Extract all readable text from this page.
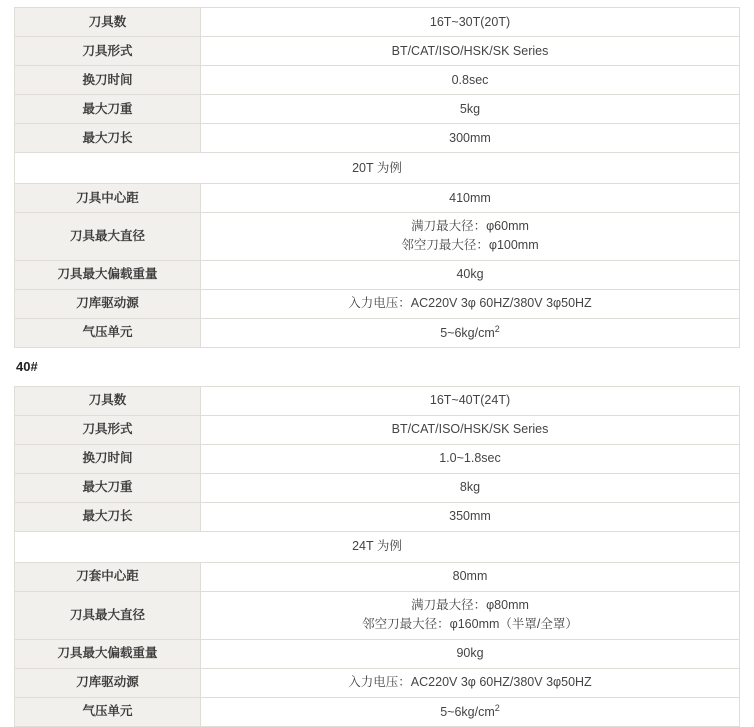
刀具数	16T~30T(20T)
刀具形式	BT/CAT/ISO/HSK/SK Series
换刀时间	0.8sec
最大刀重	5kg
最大刀长	300mm
20T 为例	
刀具中心距	410mm
刀具最大直径	满刀最大径：φ60mm
邻空刀最大径：φ100mm

刀具最大偏载重量	40kg
刀库驱动源	入力电压：AC220V 3φ 60HZ/380V 3φ50HZ
气压单元	$5\sim 6kg/cm^2$
40#
刀具数	16T~40T(24T)
刀具形式	BT/CAT/ISO/HSK/SK Series
换刀时间	1.0~1.8sec
最大刀重	8kg
最大刀长	350mm
24T 为例	
刀套中心距	80mm
刀具最大直径	满刀最大径：φ80mm
邻空刀最大径：φ160mm（半罩/全罩）

刀具最大偏载重量	90kg
刀库驱动源	入力电压：AC220V 3φ 60HZ/380V 3φ50HZ
气压单元	$5\sim 6kg/cm^2$
